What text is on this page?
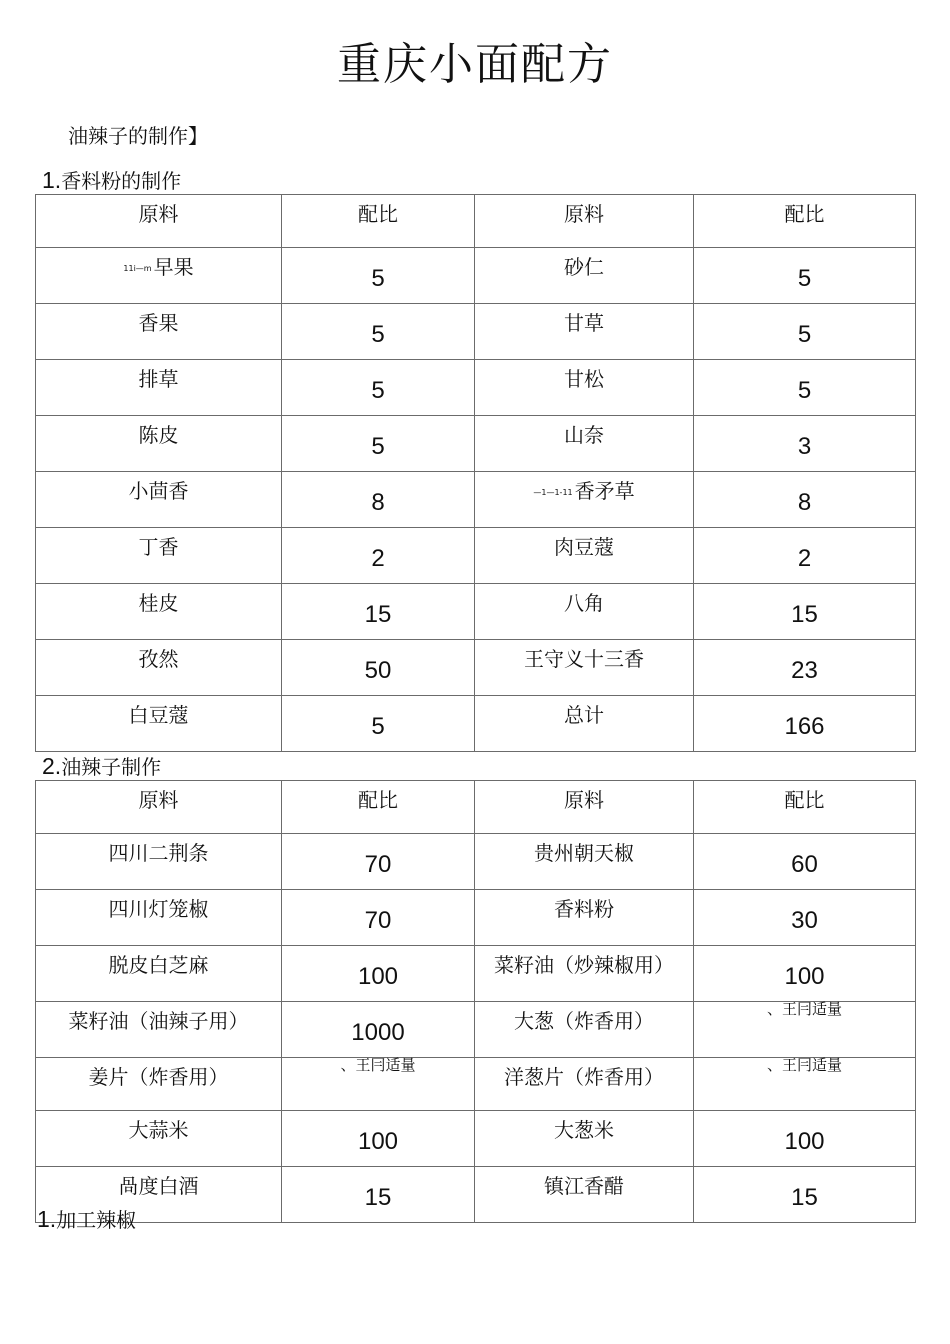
重庆小面配方
油辣子的制作】
1.香料粉的制作
原料	配比	原料	配比
11i—m 早果	5	砂仁	5
香果	5	甘草	5
排草	5	甘松	5
陈皮	5	山奈	3
小茴香	8	—1—1-11 香矛草	8
丁香	2	肉豆蔻	2
桂皮	15	八角	15
孜然	50	王守义十三香	23
白豆蔻	5	总计	166
2.油辣子制作
原料	配比	原料	配比
四川二荆条	70	贵州朝天椒	60
四川灯笼椒	70	香料粉	30
脱皮白芝麻	100	菜籽油（炒辣椒用）	100
菜籽油（油辣子用）	1000	大葱（炸香用）	、王冃适量
姜片（炸香用）	、王冃适量	洋葱片（炸香用）	、王冃适量
大蒜米	100	大葱米	100
咼度白酒	15	镇江香醋	15
1.加工辣椒
